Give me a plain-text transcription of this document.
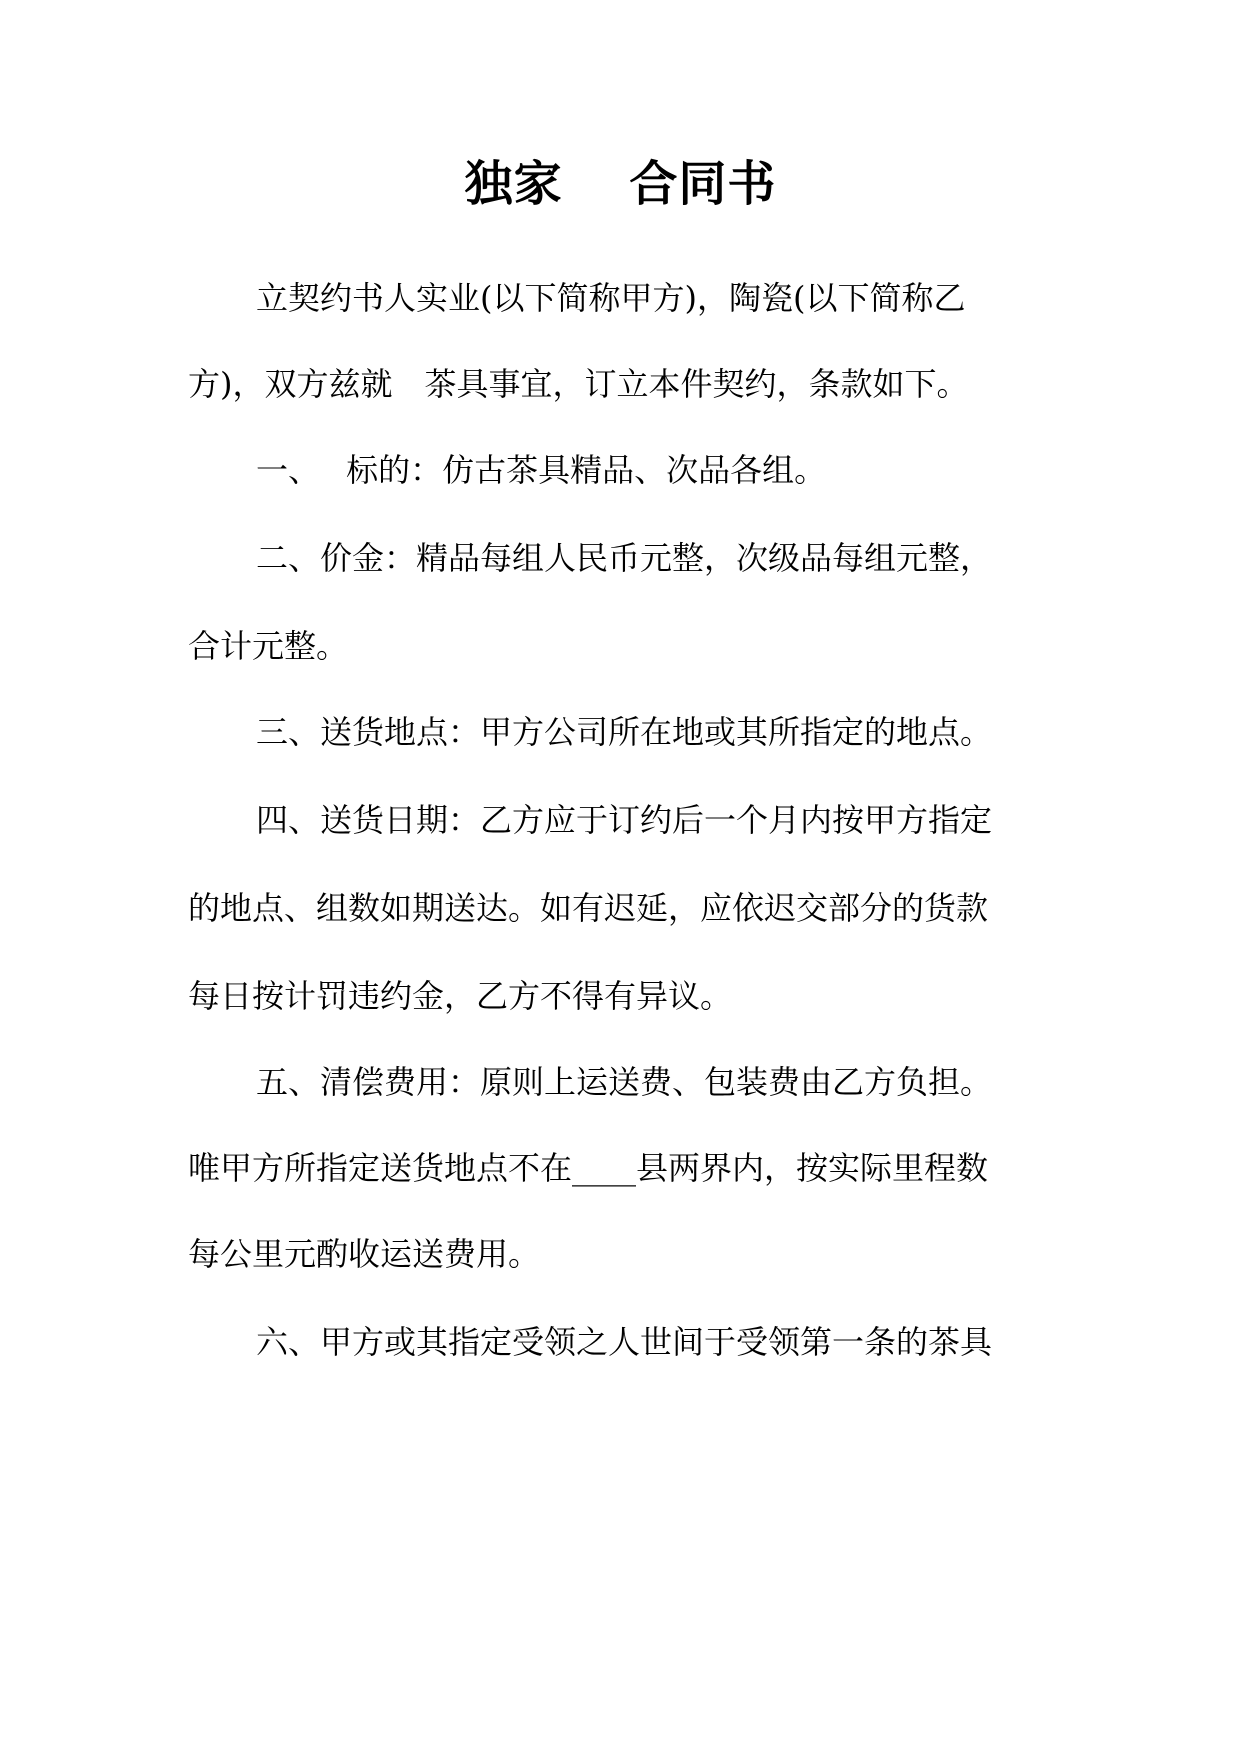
独家　 合同书
立契约书人实业(以下简称甲方)，陶瓷(以下简称乙
方)，双方兹就　茶具事宜，订立本件契约，条款如下。
一、　 标的：仿古茶具精品、次品各组。
二、价金：精品每组人民币元整，次级品每组元整，
合计元整。
三、送货地点：甲方公司所在地或其所指定的地点。
四、送货日期：乙方应于订约后一个月内按甲方指定
的地点、组数如期送达。如有迟延，应依迟交部分的货款
每日按计罚违约金，乙方不得有异议。
五、清偿费用：原则上运送费、包装费由乙方负担。
唯甲方所指定送货地点不在____县两界内，按实际里程数
每公里元酌收运送费用。
六、甲方或其指定受领之人世间于受领第一条的茶具
